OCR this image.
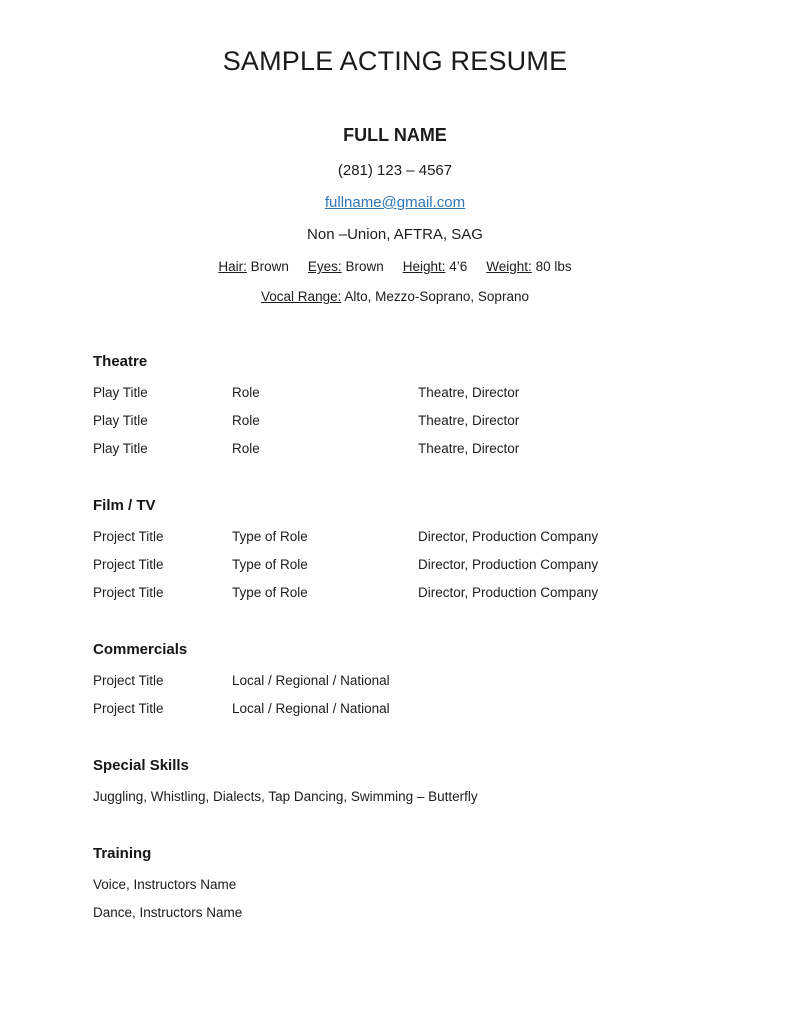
SAMPLE ACTING RESUME
FULL NAME
(281) 123 – 4567
fullname@gmail.com
Non –Union, AFTRA, SAG
Hair: Brown Eyes: Brown Height: 4’6 Weight: 80 lbs
Vocal Range: Alto, Mezzo-Soprano, Soprano
Theatre
Play Title	Role	Theatre, Director
Play Title	Role	Theatre, Director
Play Title	Role	Theatre, Director
Film / TV
Project Title	Type of Role	Director, Production Company
Project Title	Type of Role	Director, Production Company
Project Title	Type of Role	Director, Production Company
Commercials
Project Title	Local / Regional / National
Project Title	Local / Regional / National
Special Skills
Juggling, Whistling, Dialects, Tap Dancing, Swimming – Butterfly
Training
Voice, Instructors Name
Dance, Instructors Name
